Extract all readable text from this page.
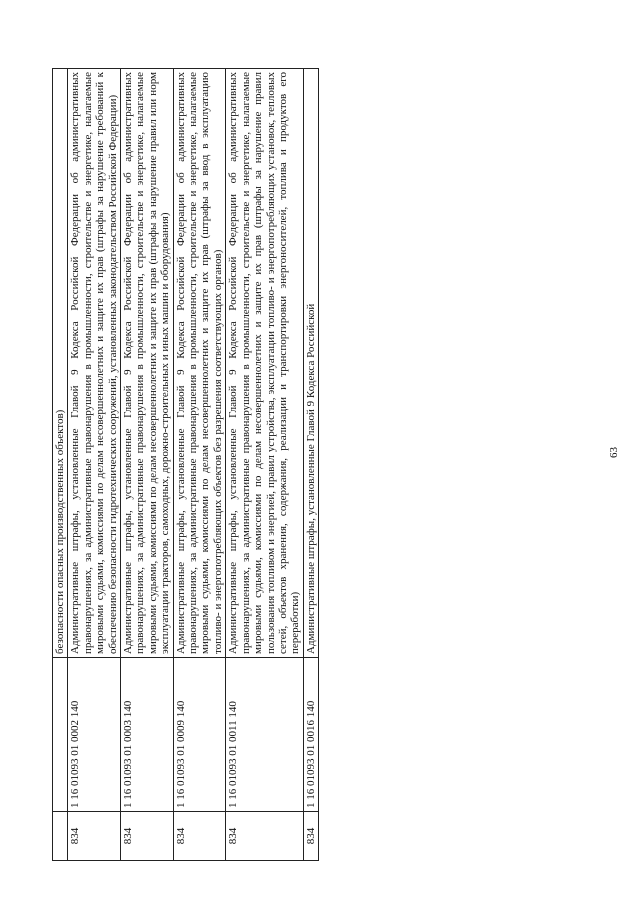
63
		безопасности опасных производственных объектов)
834	1 16 01093 01 0002 140	Административные штрафы, установленные Главой 9 Кодекса Российской Федерации об административных правонарушениях, за административные правонарушения в промышленности, строительстве и энергетике, налагаемые мировыми судьями, комиссиями по делам несовершеннолетних и защите их прав (штрафы за нарушение требований к обеспечению безопасности гидротехнических сооружений, установленных законодательством Российской Федерации)
834	1 16 01093 01 0003 140	Административные штрафы, установленные Главой 9 Кодекса Российской Федерации об административных правонарушениях, за административные правонарушения в промышленности, строительстве и энергетике, налагаемые мировыми судьями, комиссиями по делам несовершеннолетних и защите их прав (штрафы за нарушение правил или норм эксплуатации тракторов, самоходных, дорожно-строительных и иных машин и оборудования)
834	1 16 01093 01 0009 140	Административные штрафы, установленные Главой 9 Кодекса Российской Федерации об административных правонарушениях, за административные правонарушения в промышленности, строительстве и энергетике, налагаемые мировыми судьями, комиссиями по делам несовершеннолетних и защите их прав (штрафы за ввод в эксплуатацию топливо- и энергопотребляющих объектов без разрешения соответствующих органов)
834	1 16 01093 01 0011 140	Административные штрафы, установленные Главой 9 Кодекса Российской Федерации об административных правонарушениях, за административные правонарушения в промышленности, строительстве и энергетике, налагаемые мировыми судьями, комиссиями по делам несовершеннолетних и защите их прав (штрафы за нарушение правил пользования топливом и энергией, правил устройства, эксплуатации топливо- и энергопотребляющих установок, тепловых сетей, объектов хранения, содержания, реализации и транспортировки энергоносителей, топлива и продуктов его переработки)
834	1 16 01093 01 0016 140	Административные штрафы, установленные Главой 9 Кодекса Российской
